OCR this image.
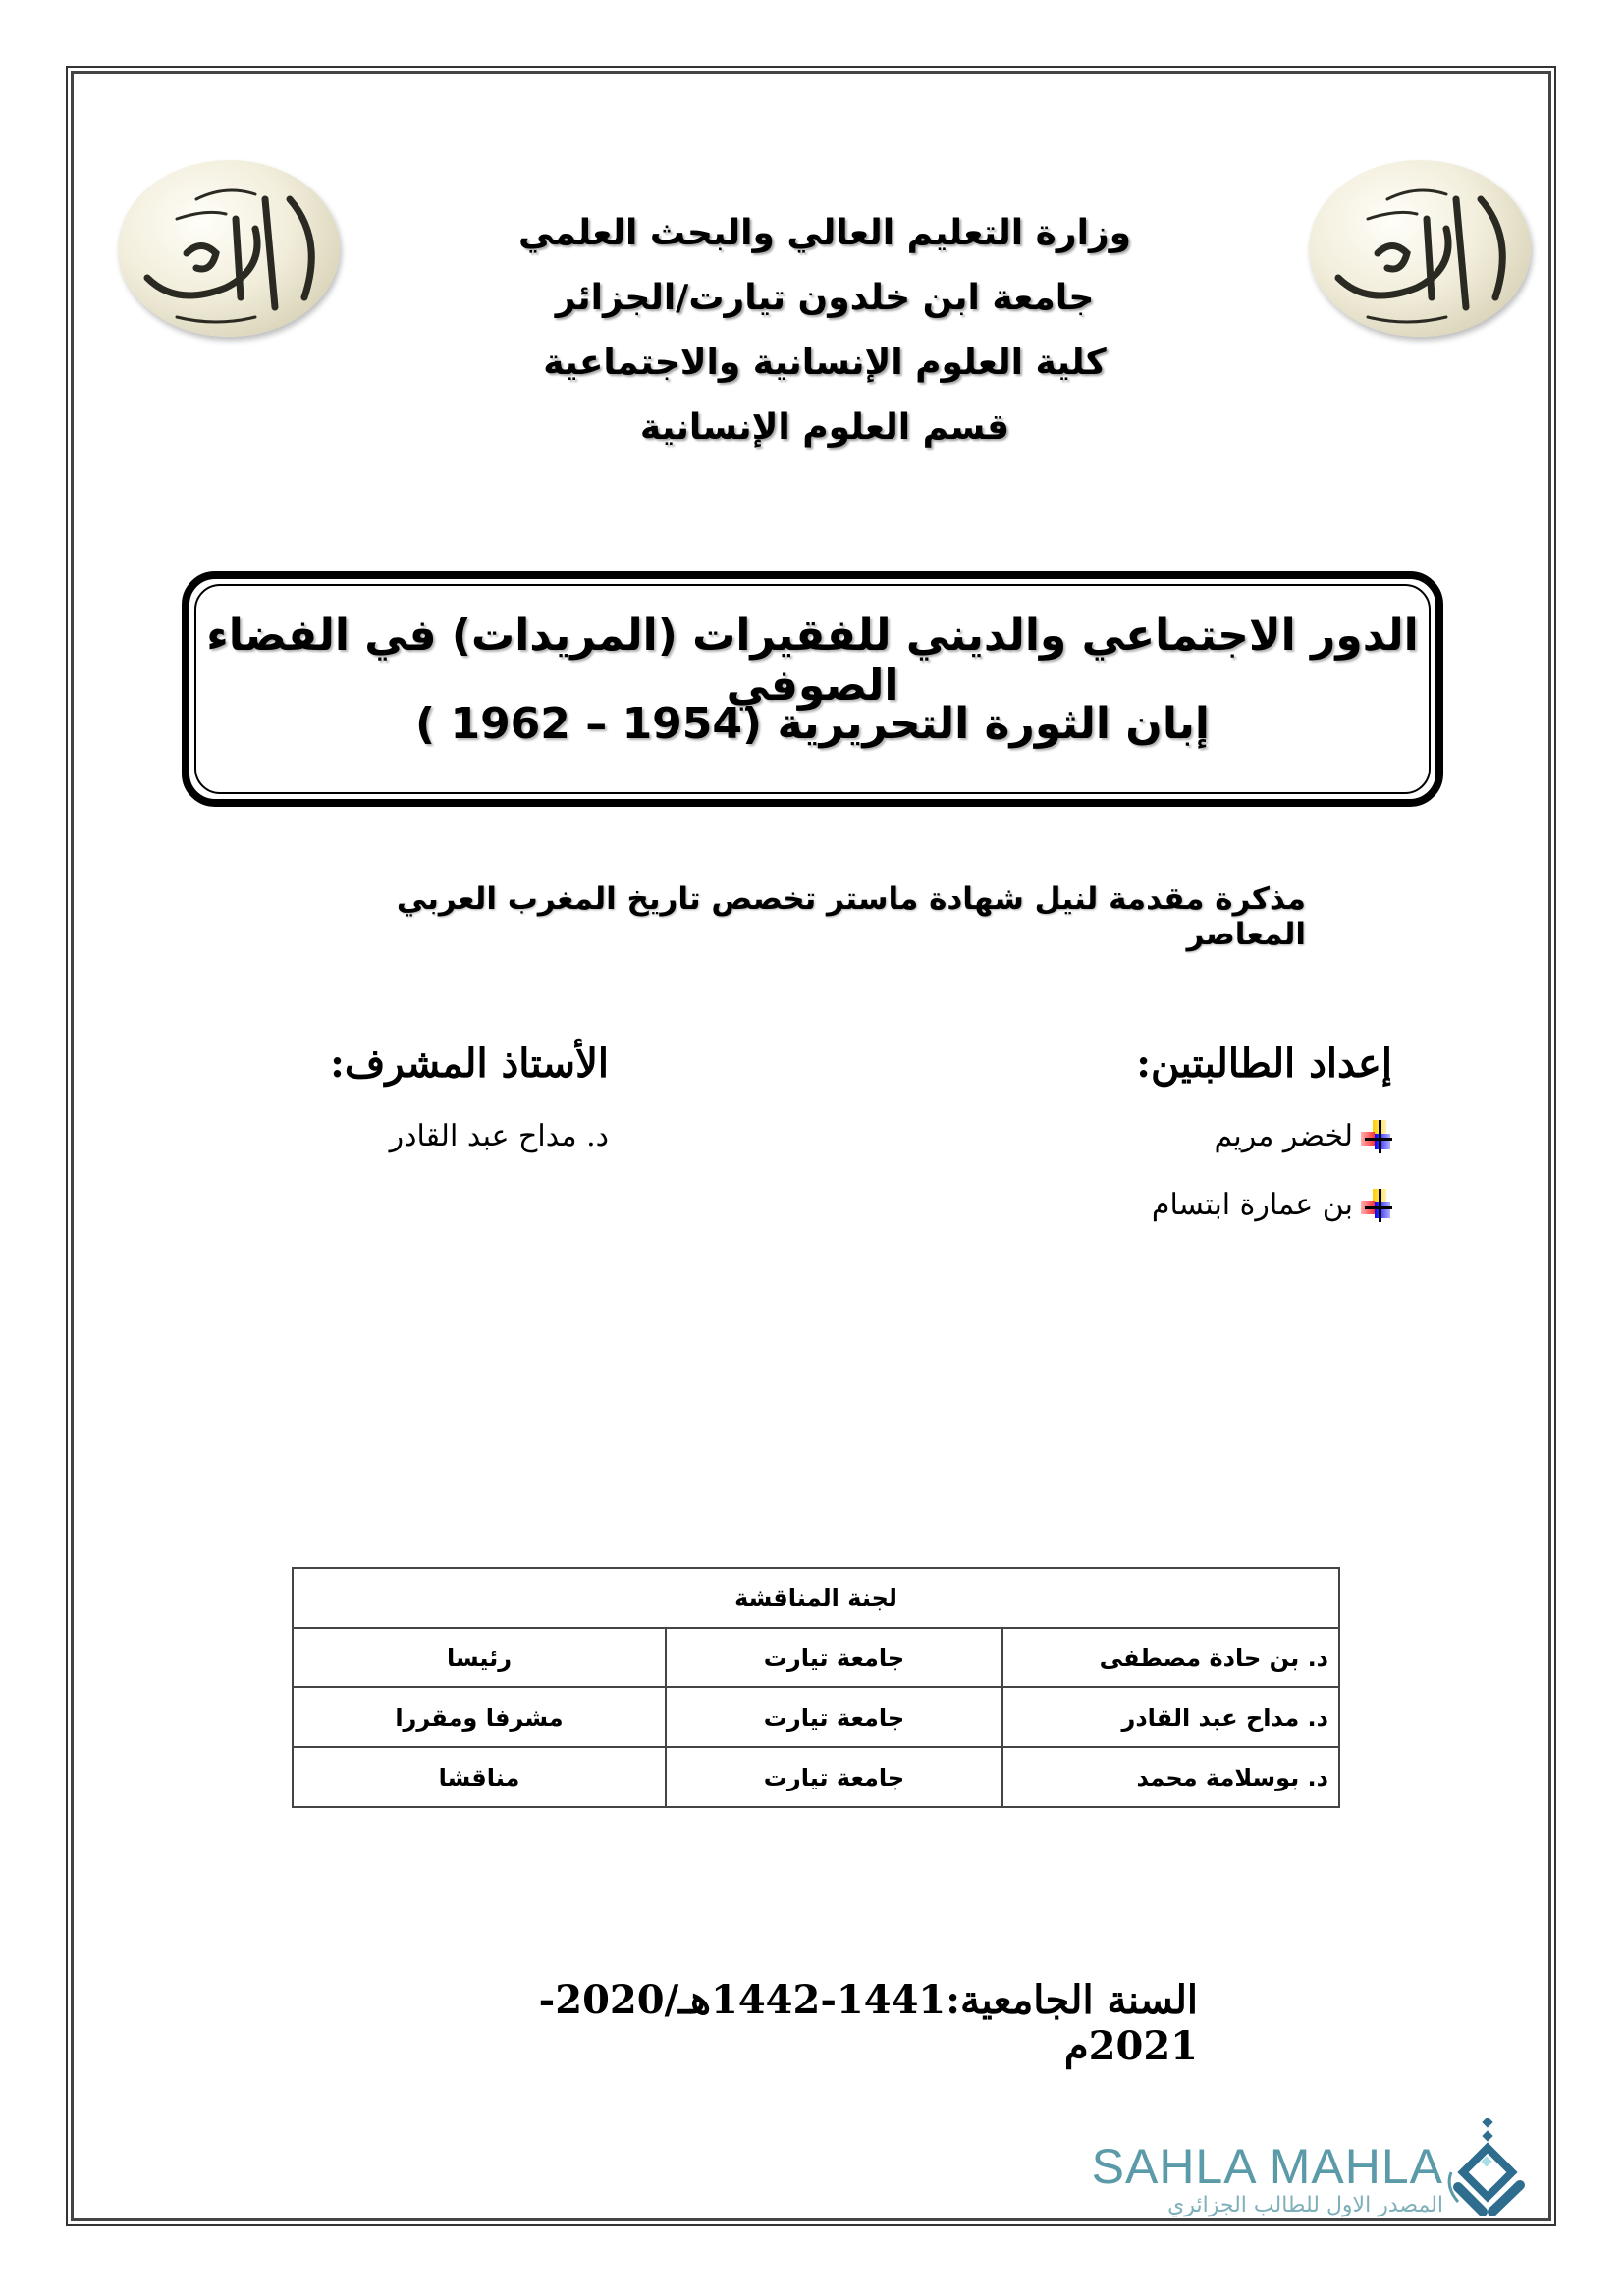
وزارة التعليم العالي والبحث العلمي
جامعة ابن خلدون تيارت/الجزائر
كلية العلوم الإنسانية والاجتماعية
قسم العلوم الإنسانية
الدور الاجتماعي والديني للفقيرات (المريدات) في الفضاء الصوفي
إبان الثورة التحريرية (1954 – 1962 )
مذكرة مقدمة لنيل شهادة ماستر تخصص تاريخ المغرب العربي المعاصر
إعداد الطالبتين:
لخضر مريم
بن عمارة ابتسام
الأستاذ المشرف:
د. مداح عبد القادر
لجنة المناقشة		
د. بن حادة مصطفى	جامعة تيارت	رئيسا
د. مداح عبد القادر	جامعة تيارت	مشرفا ومقررا
د. بوسلامة محمد	جامعة تيارت	مناقشا
السنة الجامعية:1441-1442هـ/2020-2021م
SAHLA MAHLA
المصدر الاول للطالب الجزائري
